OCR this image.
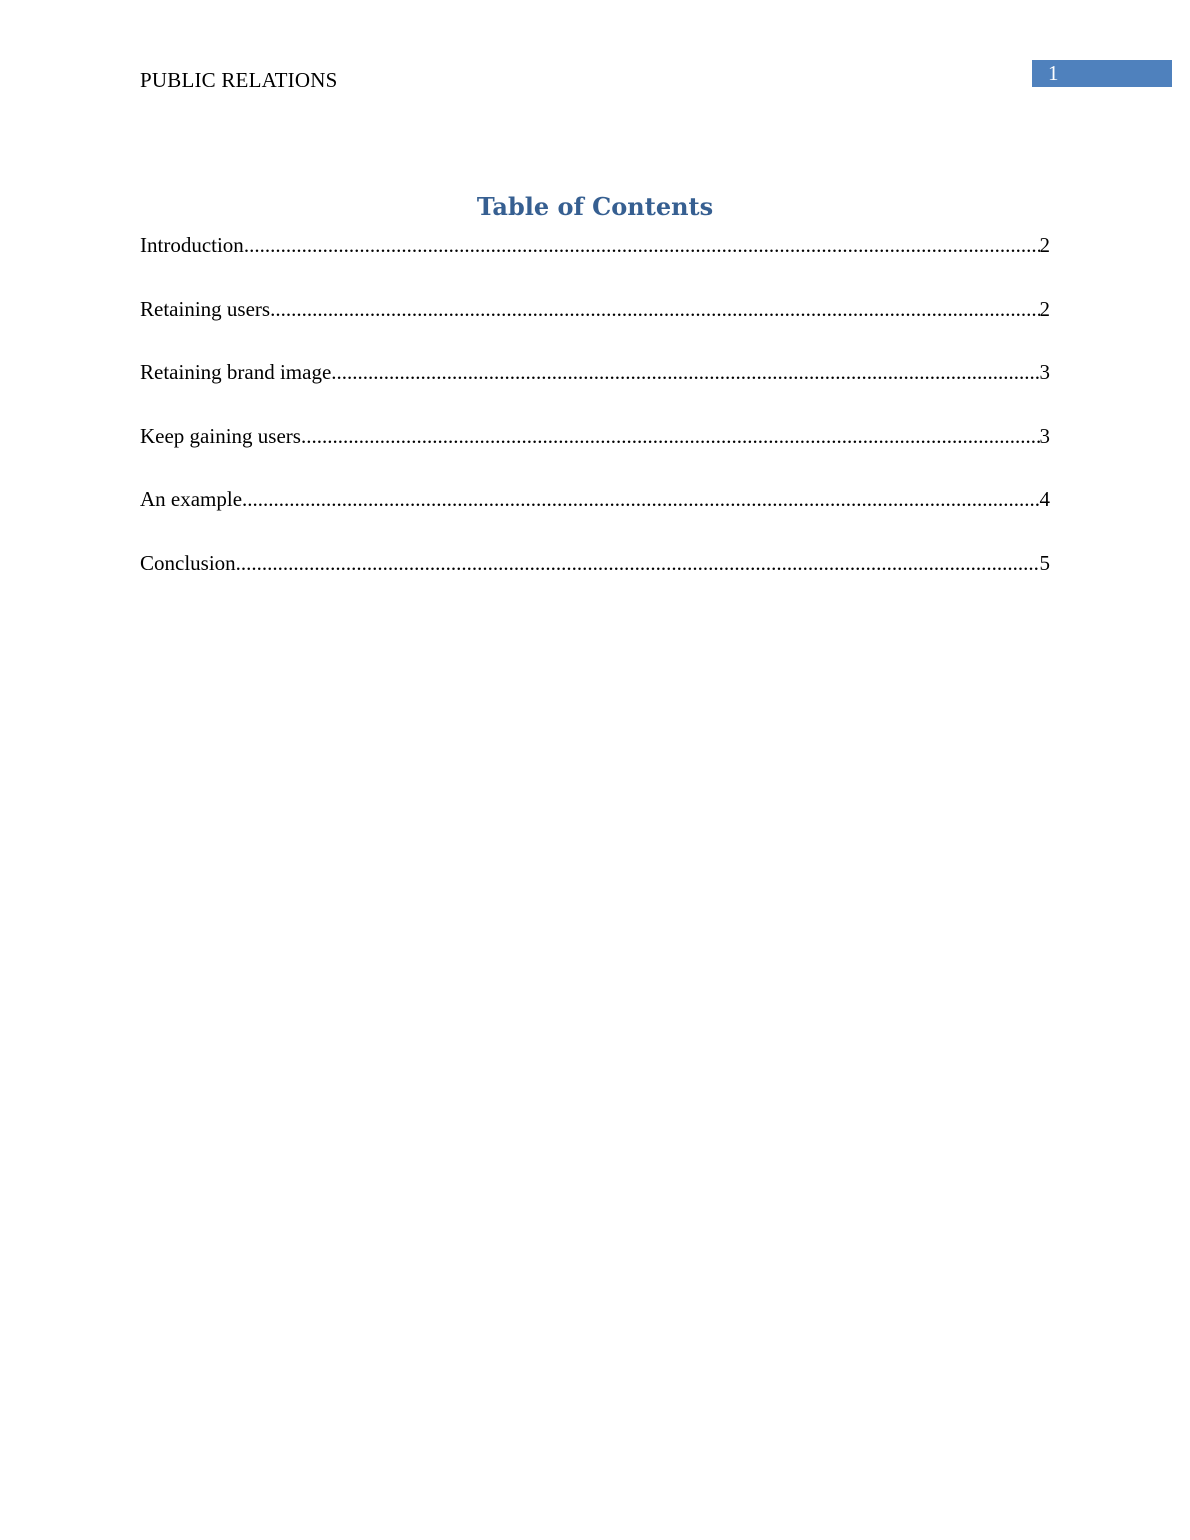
PUBLIC RELATIONS	1
Table of Contents
Introduction .....	2
Retaining users .....	2
Retaining brand image .....	3
Keep gaining users .....	3
An example .....	4
Conclusion .....	5
